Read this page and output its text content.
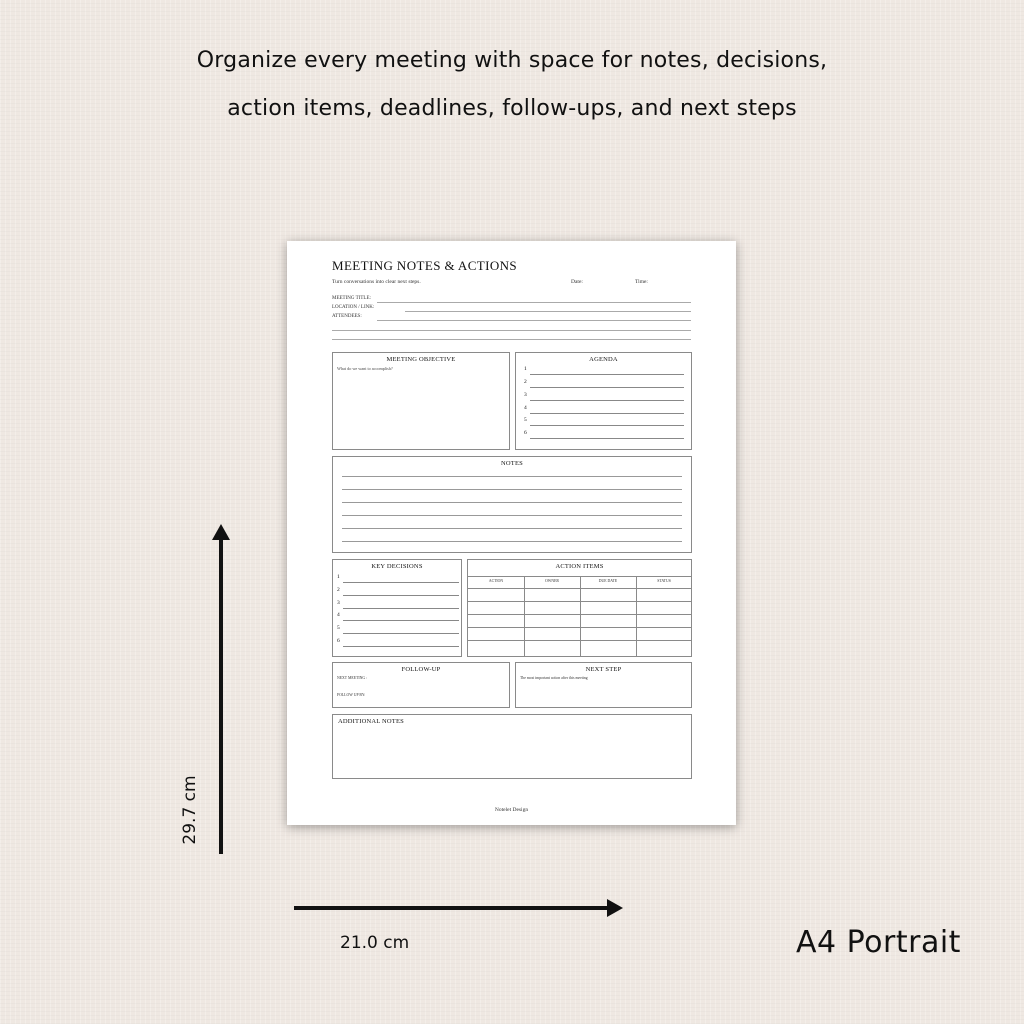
Organize every meeting with space for notes, decisions,
action items, deadlines, follow-ups, and next steps
MEETING NOTES & ACTIONS
Turn conversations into clear next steps.	Date:	Time:
MEETING TITLE:
LOCATION / LINK:
ATTENDEES:
MEETING OBJECTIVE
What do we want to accomplish?
AGENDA
1
2
3
4
5
6
NOTES
KEY DECISIONS
1
2
3
4
5
6
ACTION ITEMS
ACTION	OWNER	DUE DATE	STATUS
FOLLOW-UP
NEXT MEETING :
FOLLOW UP BY:
NEXT STEP
The most important action after this meeting
ADDITIONAL NOTES
Notelet Design
29.7 cm
21.0 cm	A4 Portrait
